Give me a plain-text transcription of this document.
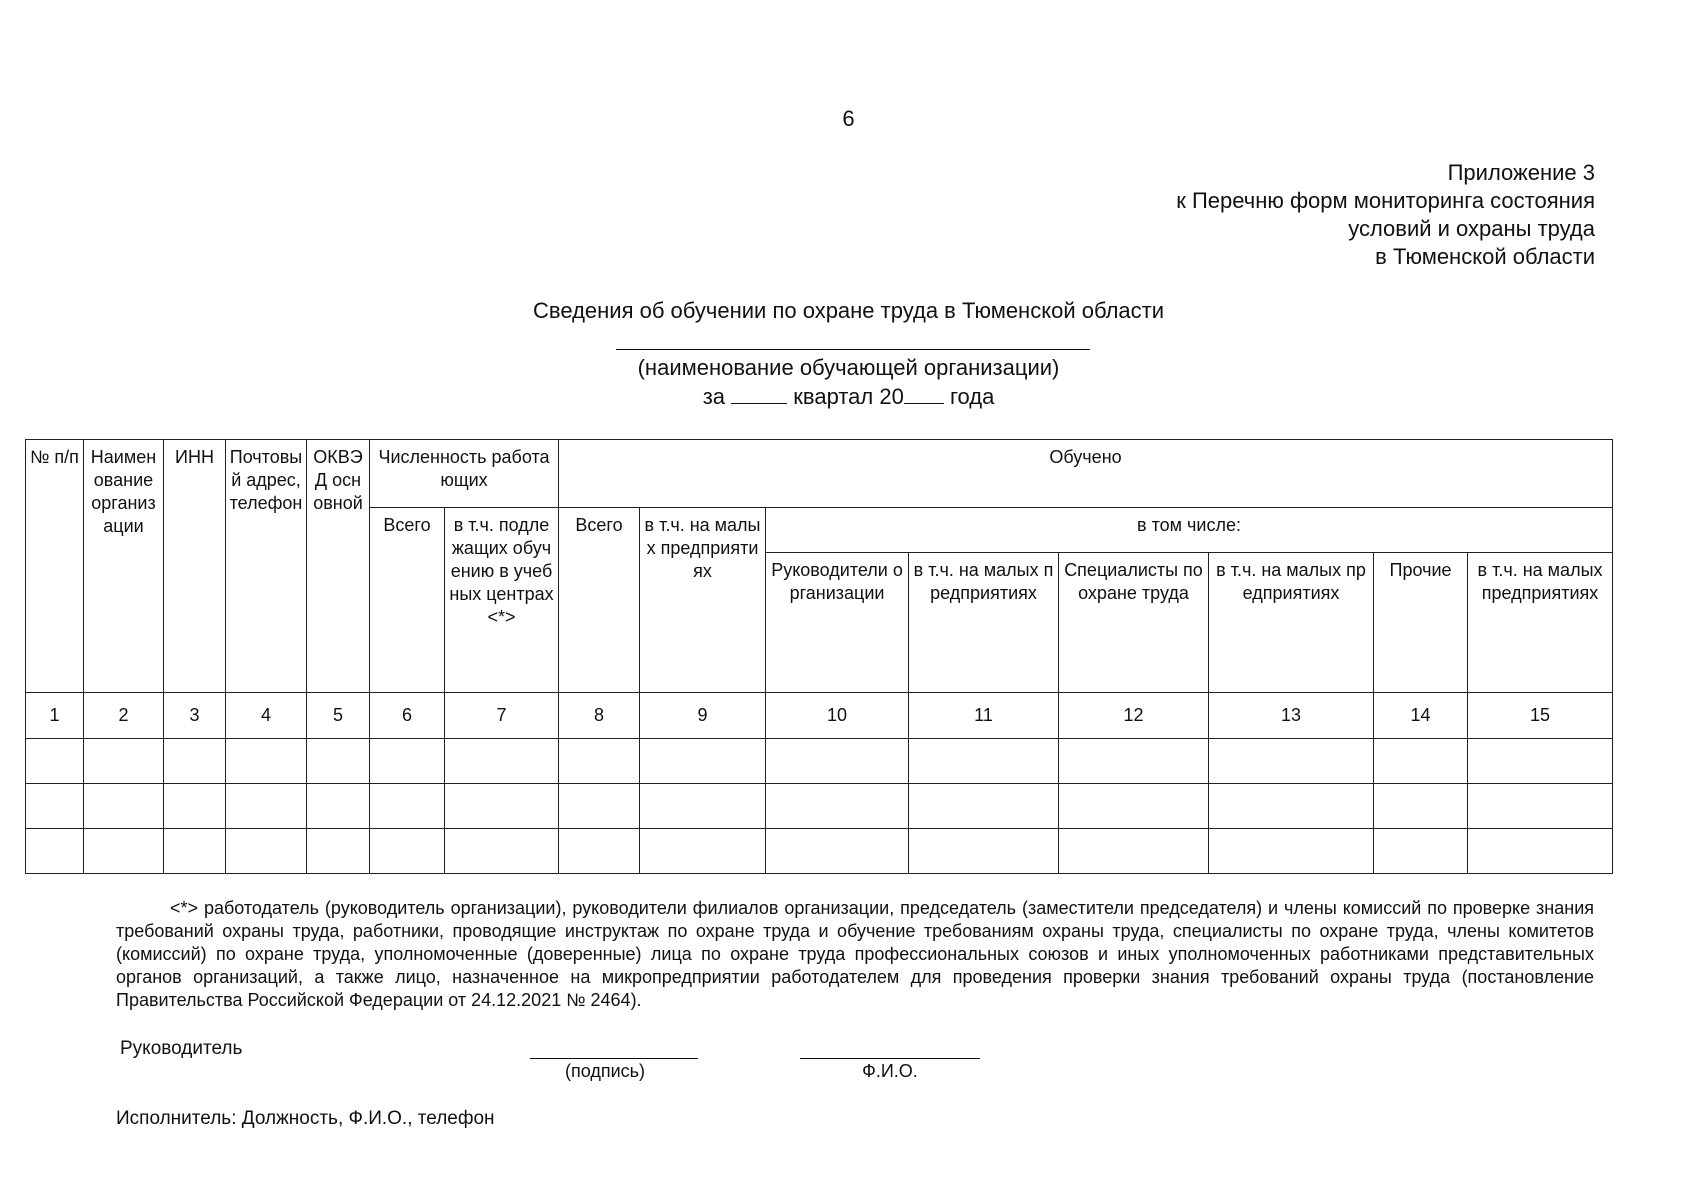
6
Приложение 3
к Перечню форм мониторинга состояния
условий и охраны труда
в Тюменской области
Сведения об обучении по охране труда в Тюменской области
(наименование обучающей организации)
за	квартал 20 года
№ п/п	Наименование организации	ИНН	Почтовый адрес, телефон	ОКВЭД основной	Численность работающих		Обучено							
					Всего	в т.ч. подлежащих обучению в учебных центрах <*>	Всего	в т.ч. на малых предприятиях	в том числе:					
									Руководители организации	в т.ч. на малых предприятиях	Специалисты по охране труда	в т.ч. на малых предприятиях	Прочие	в т.ч. на малых предприятиях
1	2	3	4	5	6	7	8	9	10	11	12	13	14	15

<*> работодатель (руководитель организации), руководители филиалов организации, председатель (заместители председателя) и члены комиссий по проверке знания требований охраны труда, работники, проводящие инструктаж по охране труда и обучение требованиям охраны труда, специалисты по охране труда, члены комитетов (комиссий) по охране труда, уполномоченные (доверенные) лица по охране труда профессиональных союзов и иных уполномоченных работниками представительных органов организаций, а также лицо, назначенное на микропредприятии работодателем для проведения проверки знания требований охраны труда (постановление Правительства Российской Федерации от 24.12.2021 № 2464).
Руководитель
(подпись)	Ф.И.О.
Исполнитель: Должность, Ф.И.О., телефон
